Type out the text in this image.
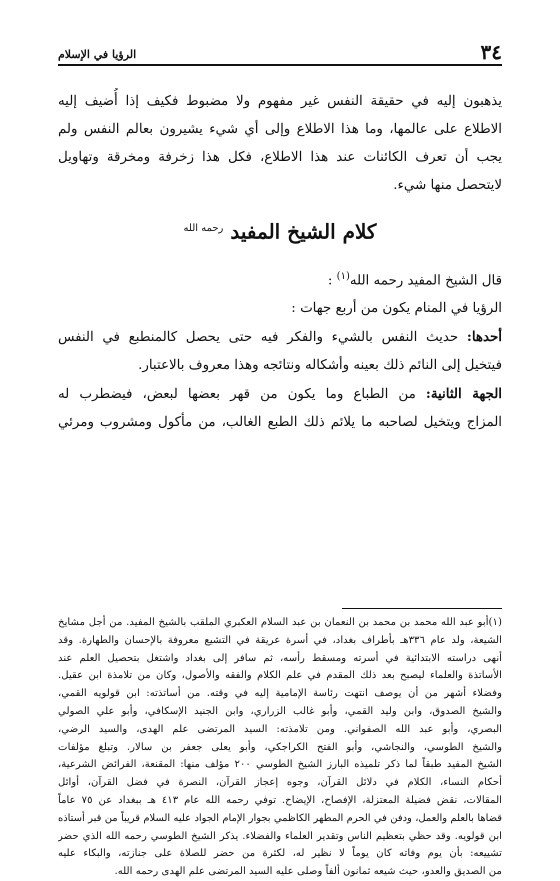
٣٤
الرؤيا في الإسلام
يذهبون إليه في حقيقة النفس غير مفهوم ولا مضبوط فكيف إذا أُضيف إليه
الاطلاع على عالمها، وما هذا الاطلاع وإلى أي شيء يشيرون بعالم النفس ولم
يجب أن تعرف الكائنات عند هذا الاطلاع، فكل هذا زخرفة ومخرقة وتهاويل
لايتحصل منها شيء.
كلام الشيخ المفيد $^{رحمه الله}$
قال الشيخ المفيد رحمه الله$^{(١)}$ :
الرؤيا في المنام يكون من أربع جهات :
أحدها: حديث النفس بالشيء والفكر فيه حتى يحصل كالمنطبع في النفس
فيتخيل إلى النائم ذلك بعينه وأشكاله ونتائجه وهذا معروف بالاعتبار.
الجهة الثانية: من الطباع وما يكون من قهر بعضها لبعض، فيضطرب له
المزاج ويتخيل لصاحبه ما يلائم ذلك الطبع الغالب، من مأكول ومشروب ومرئي
(١)أبو عبد الله محمد بن محمد بن النعمان بن عبد السلام العكبري الملقب بالشيخ المفيد. من أجل مشايخ
الشيعة، ولد عام ٣٣٦هـ بأطراف بغداد، في أسرة عريقة في التشيع معروفة بالإحسان والطهارة. وقد
أنهى دراسته الابتدائية في أسرته ومسقط رأسه، ثم سافر إلى بغداد واشتغل بتحصيل العلم عند
الأساتذة والعلماء ليصبح بعد ذلك المقدم في علم الكلام والفقه والأصول، وكان من تلامذة ابن عقيل.
وفضلاء أشهر من أن يوصف انتهت رئاسة الإمامية إليه في وقته. من أساتذته: ابن قولويه القمي،
والشيخ الصدوق، وابن وليد القمي، وأبو غالب الزراري، وابن الجنيد الإسكافي، وأبو علي الصولي
البصري، وأبو عبد الله الصفواني. ومن تلامذته: السيد المرتضى علم الهدى، والسيد الرضي،
والشيخ الطوسي، والنجاشي، وأبو الفتح الكراجكي، وأبو يعلى جعفر بن سالار. وتبلغ مؤلفات
الشيخ المفيد طبقاً لما ذكر تلميذه البارز الشيخ الطوسي ٢٠٠ مؤلف منها: المقنعة، الفرائض الشرعية،
أحكام النساء، الكلام في دلائل القرآن، وجوه إعجاز القرآن، النصرة في فضل القرآن، أوائل
المقالات، نقض فضيلة المعتزلة، الإفصاح، الإيضاح. توفي رحمه الله عام ٤١٣ هـ ببغداد عن ٧٥ عاماً
قضاها بالعلم والعمل، ودفن في الحرم المطهر الكاظمي بجوار الإمام الجواد عليه السلام قريباً من قبر أستاذه
ابن قولويه. وقد حظي بتعظيم الناس وتقدير العلماء والفضلاء. يذكر الشيخ الطوسي رحمه الله الذي حضر
تشييعه: بأن يوم وفاته كان يوماً لا نظير له، لكثرة من حضر للصلاة على جنازته، والبكاء عليه
من الصديق والعدو، حيث شيعه ثمانون ألفاً وصلى عليه السيد المرتضى علم الهدى رحمه الله.
